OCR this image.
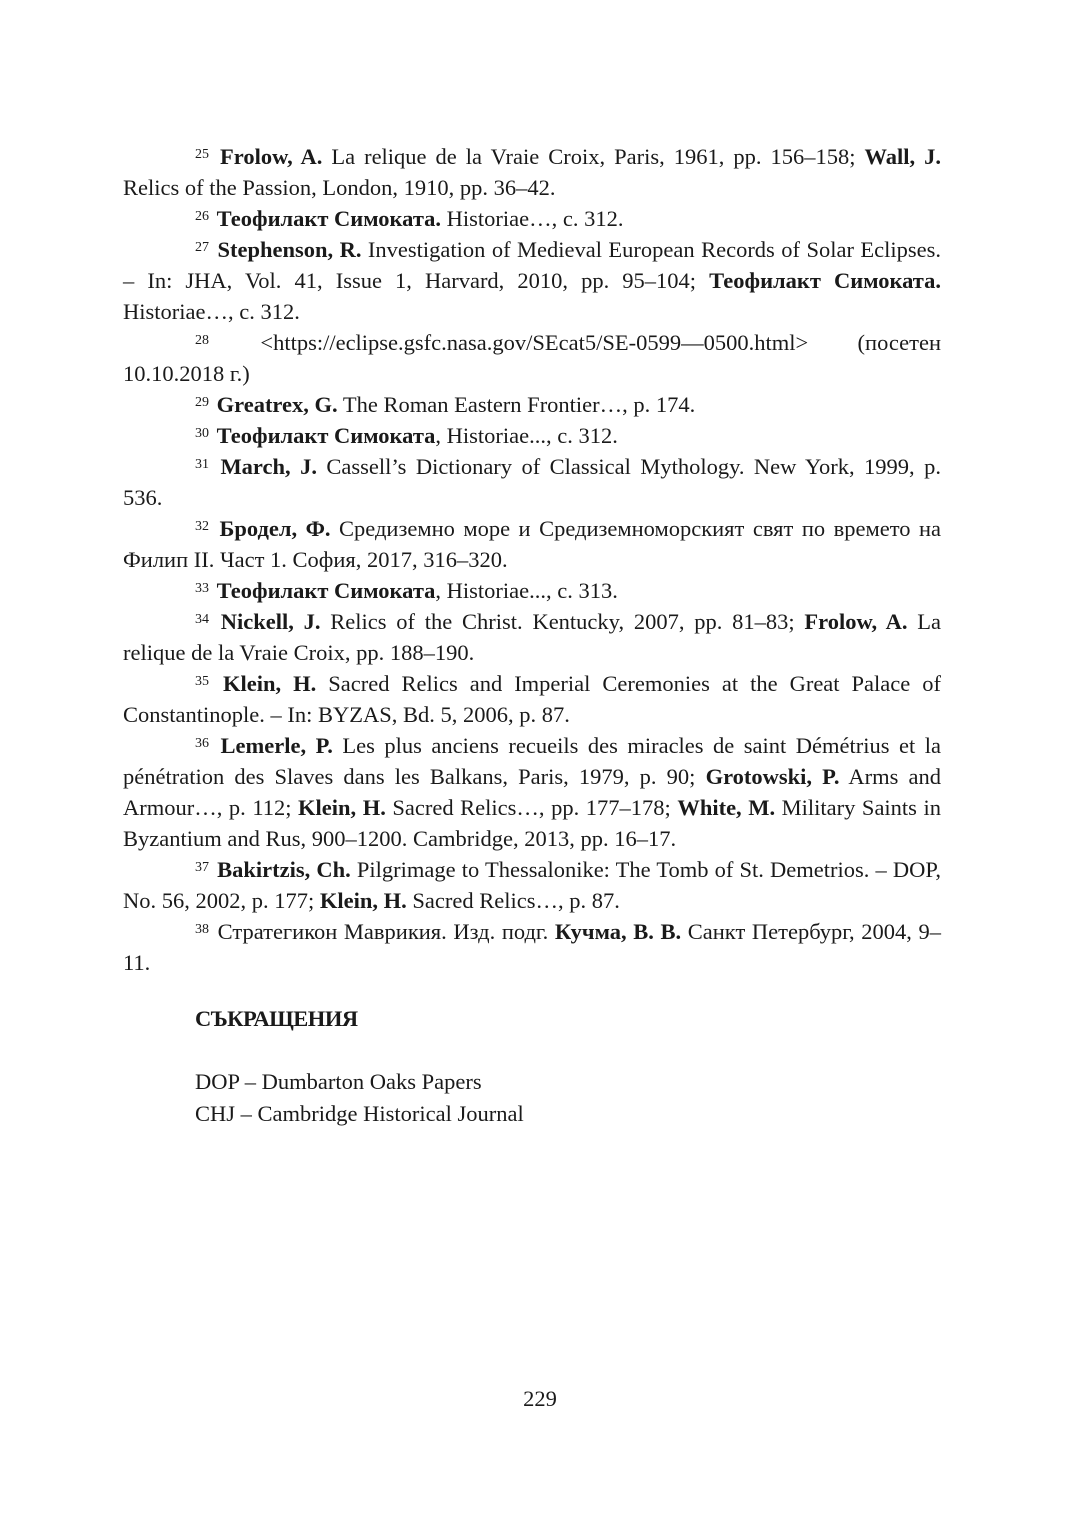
$^{25}$ Frolow, A. La relique de la Vraie Croix, Paris, 1961, pp. 156–158; Wall, J. Relics of the Passion, London, 1910, pp. 36–42.

$^{26}$ Теофилакт Симоката. Historiae…, c. 312.

$^{27}$ Stephenson, R. Investigation of Medieval European Records of Solar Eclipses. – In: JHA, Vol. 41, Issue 1, Harvard, 2010, pp. 95–104; Теофилакт Симоката. Historiae…, c. 312.

$^{28}$ <https://eclipse.gsfc.nasa.gov/SEcat5/SE-0599—0500.html> (посетен 10.10.2018 г.)

$^{29}$ Greatrex, G. The Roman Eastern Frontier…, p. 174.

$^{30}$ Теофилакт Симоката, Historiae..., c. 312.

$^{31}$ March, J. Cassell’s Dictionary of Classical Mythology. New York, 1999, p. 536.

$^{32}$ Бродел, Ф. Средиземно море и Средиземноморският свят по времето на Филип II. Част 1. София, 2017, 316–320.

$^{33}$ Теофилакт Симоката, Historiae..., c. 313.

$^{34}$ Nickell, J. Relics of the Christ. Kentucky, 2007, pp. 81–83; Frolow, A. La relique de la Vraie Croix, pp. 188–190.

$^{35}$ Klein, H. Sacred Relics and Imperial Ceremonies at the Great Palace of Constantinople. – In: BYZAS, Bd. 5, 2006, p. 87.

$^{36}$ Lemerle, P. Les plus anciens recueils des miracles de saint Démétrius et la pénétration des Slaves dans les Balkans, Paris, 1979, p. 90; Grotowski, P. Arms and Armour…, p. 112; Klein, H. Sacred Relics…, pp. 177–178; White, M. Military Saints in Byzantium and Rus, 900–1200. Cambridge, 2013, pp. 16–17.

$^{37}$ Bakirtzis, Ch. Pilgrimage to Thessalonike: The Tomb of St. Demetrios. – DOP, No. 56, 2002, p. 177; Klein, H. Sacred Relics…, p. 87.

$^{38}$ Стратегикон Маврикия. Изд. подг. Кучма, В. В. Санкт Петербург, 2004, 9–11.

СЪКРАЩЕНИЯ
DOP – Dumbarton Oaks Papers
CHJ – Cambridge Historical Journal

229
